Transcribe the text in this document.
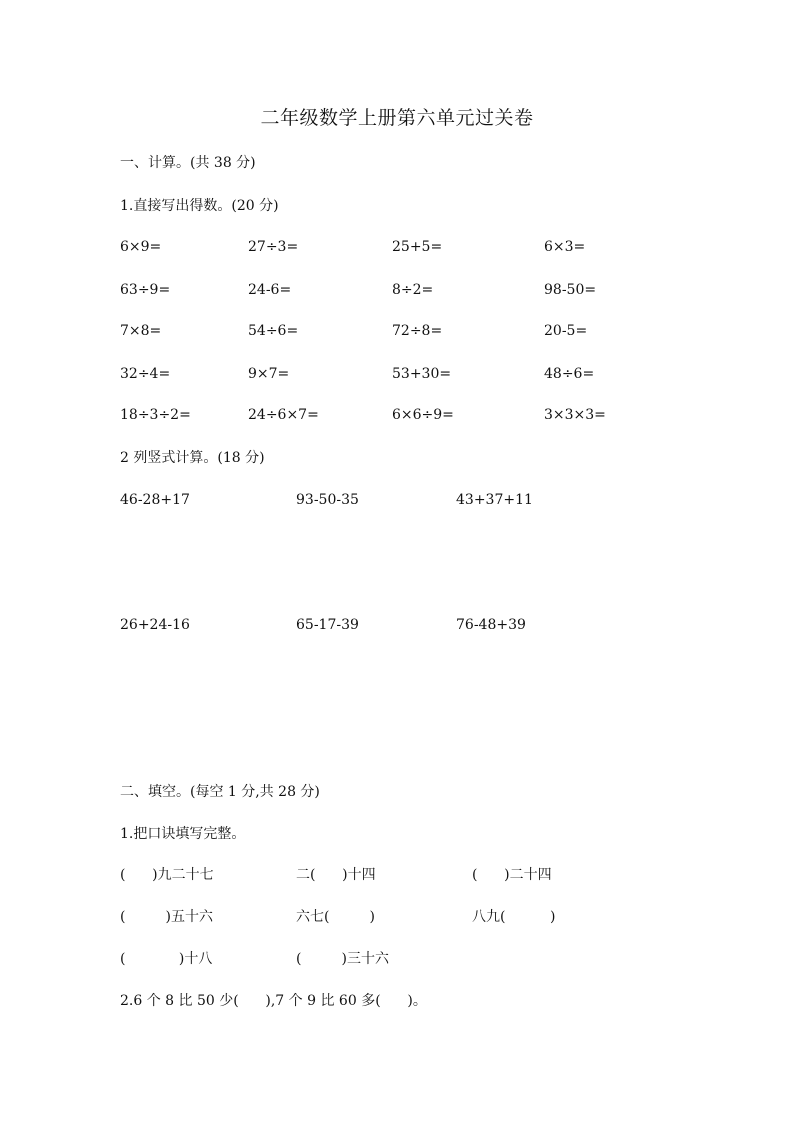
二年级数学上册第六单元过关卷
一、计算。(共 38 分)
1.直接写出得数。(20 分)
6×9=	27÷3=	25+5=	6×3=
63÷9=	24-6=	8÷2=	98-50=
7×8=	54÷6=	72÷8=	20-5=
32÷4=	9×7=	53+30=	48÷6=
18÷3÷2=	24÷6×7=	6×6÷9=	3×3×3=
2 列竖式计算。(18 分)
46-28+17	93-50-35	43+37+11
26+24-16	65-17-39	76-48+39
二、填空。(每空 1 分,共 28 分)
1.把口诀填写完整。
(      )九二十七	二(      )十四	(      )二十四
(         )五十六	六七(         )	八九(          )
(            )十八	(         )三十六
2.6 个 8 比 50 少(      ),7 个 9 比 60 多(      )。
